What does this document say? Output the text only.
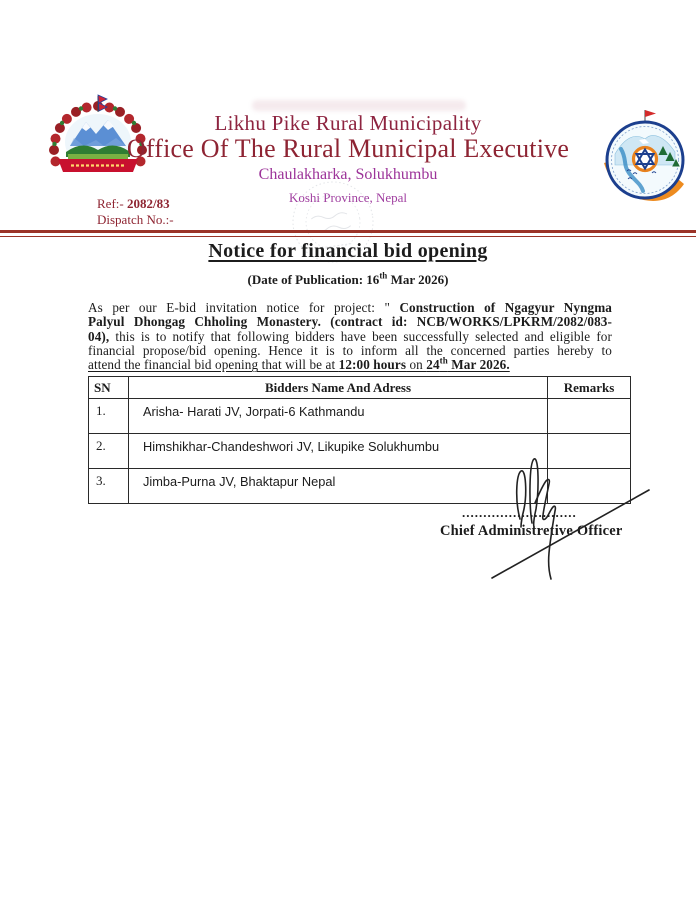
Likhu Pike Rural Municipality
Office Of The Rural Municipal Executive
Chaulakharka, Solukhumbu
Koshi Province, Nepal
Ref:- 2082/83
Dispatch No.:-
Notice for financial bid opening
(Date of Publication: 16th Mar 2026)
As per our E-bid invitation notice for project: " Construction of Ngagyur Nyngma
Palyul Dhongag Chholing Monastery. (contract id: NCB/WORKS/LPKRM/2082/083-
04), this is to notify that following bidders have been successfully selected and eligible for
financial propose/bid opening. Hence it is to inform all the concerned parties hereby to
attend the financial bid opening that will be at 12:00 hours on 24th Mar 2026.
SN	Bidders Name And Adress	Remarks
1.	Arisha- Harati JV, Jorpati-6 Kathmandu	
2.	Himshikhar-Chandeshwori JV, Likupike Solukhumbu	
3.	Jimba-Purna JV, Bhaktapur Nepal	
...........................
Chief Administretive Officer
